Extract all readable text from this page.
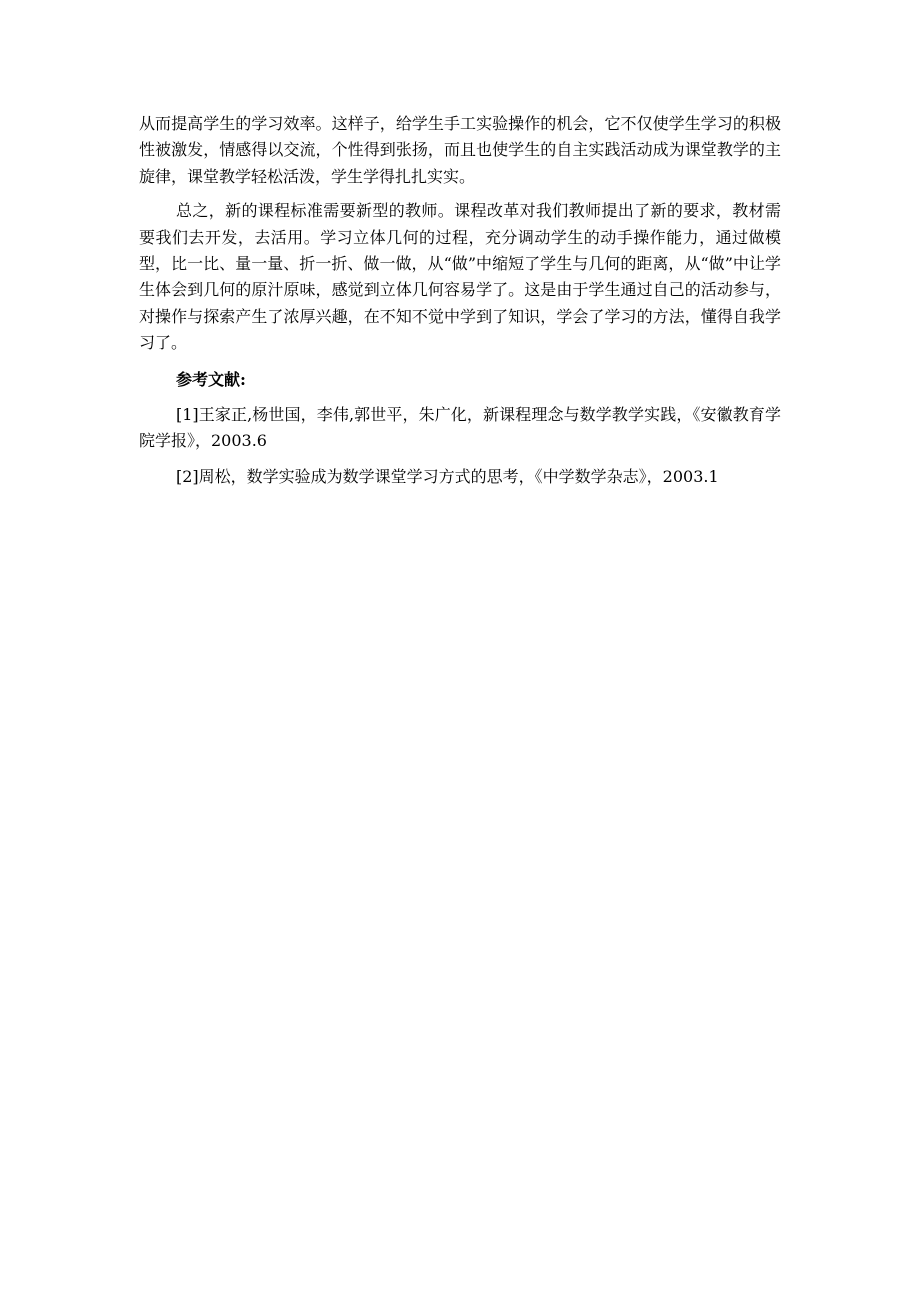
从而提高学生的学习效率。这样子，给学生手工实验操作的机会，它不仅使学生学习的积极性被激发，情感得以交流，个性得到张扬，而且也使学生的自主实践活动成为课堂教学的主旋律，课堂教学轻松活泼，学生学得扎扎实实。

总之，新的课程标准需要新型的教师。课程改革对我们教师提出了新的要求，教材需要我们去开发，去活用。学习立体几何的过程，充分调动学生的动手操作能力，通过做模型，比一比、量一量、折一折、做一做，从“做”中缩短了学生与几何的距离，从“做”中让学生体会到几何的原汁原味，感觉到立体几何容易学了。这是由于学生通过自己的活动参与，对操作与探索产生了浓厚兴趣，在不知不觉中学到了知识，学会了学习的方法，懂得自我学习了。

参考文献:

[1]王家正,杨世国，李伟,郭世平，朱广化，新课程理念与数学教学实践，《安徽教育学院学报》，2003.6

[2]周松，数学实验成为数学课堂学习方式的思考，《中学数学杂志》，2003.1
